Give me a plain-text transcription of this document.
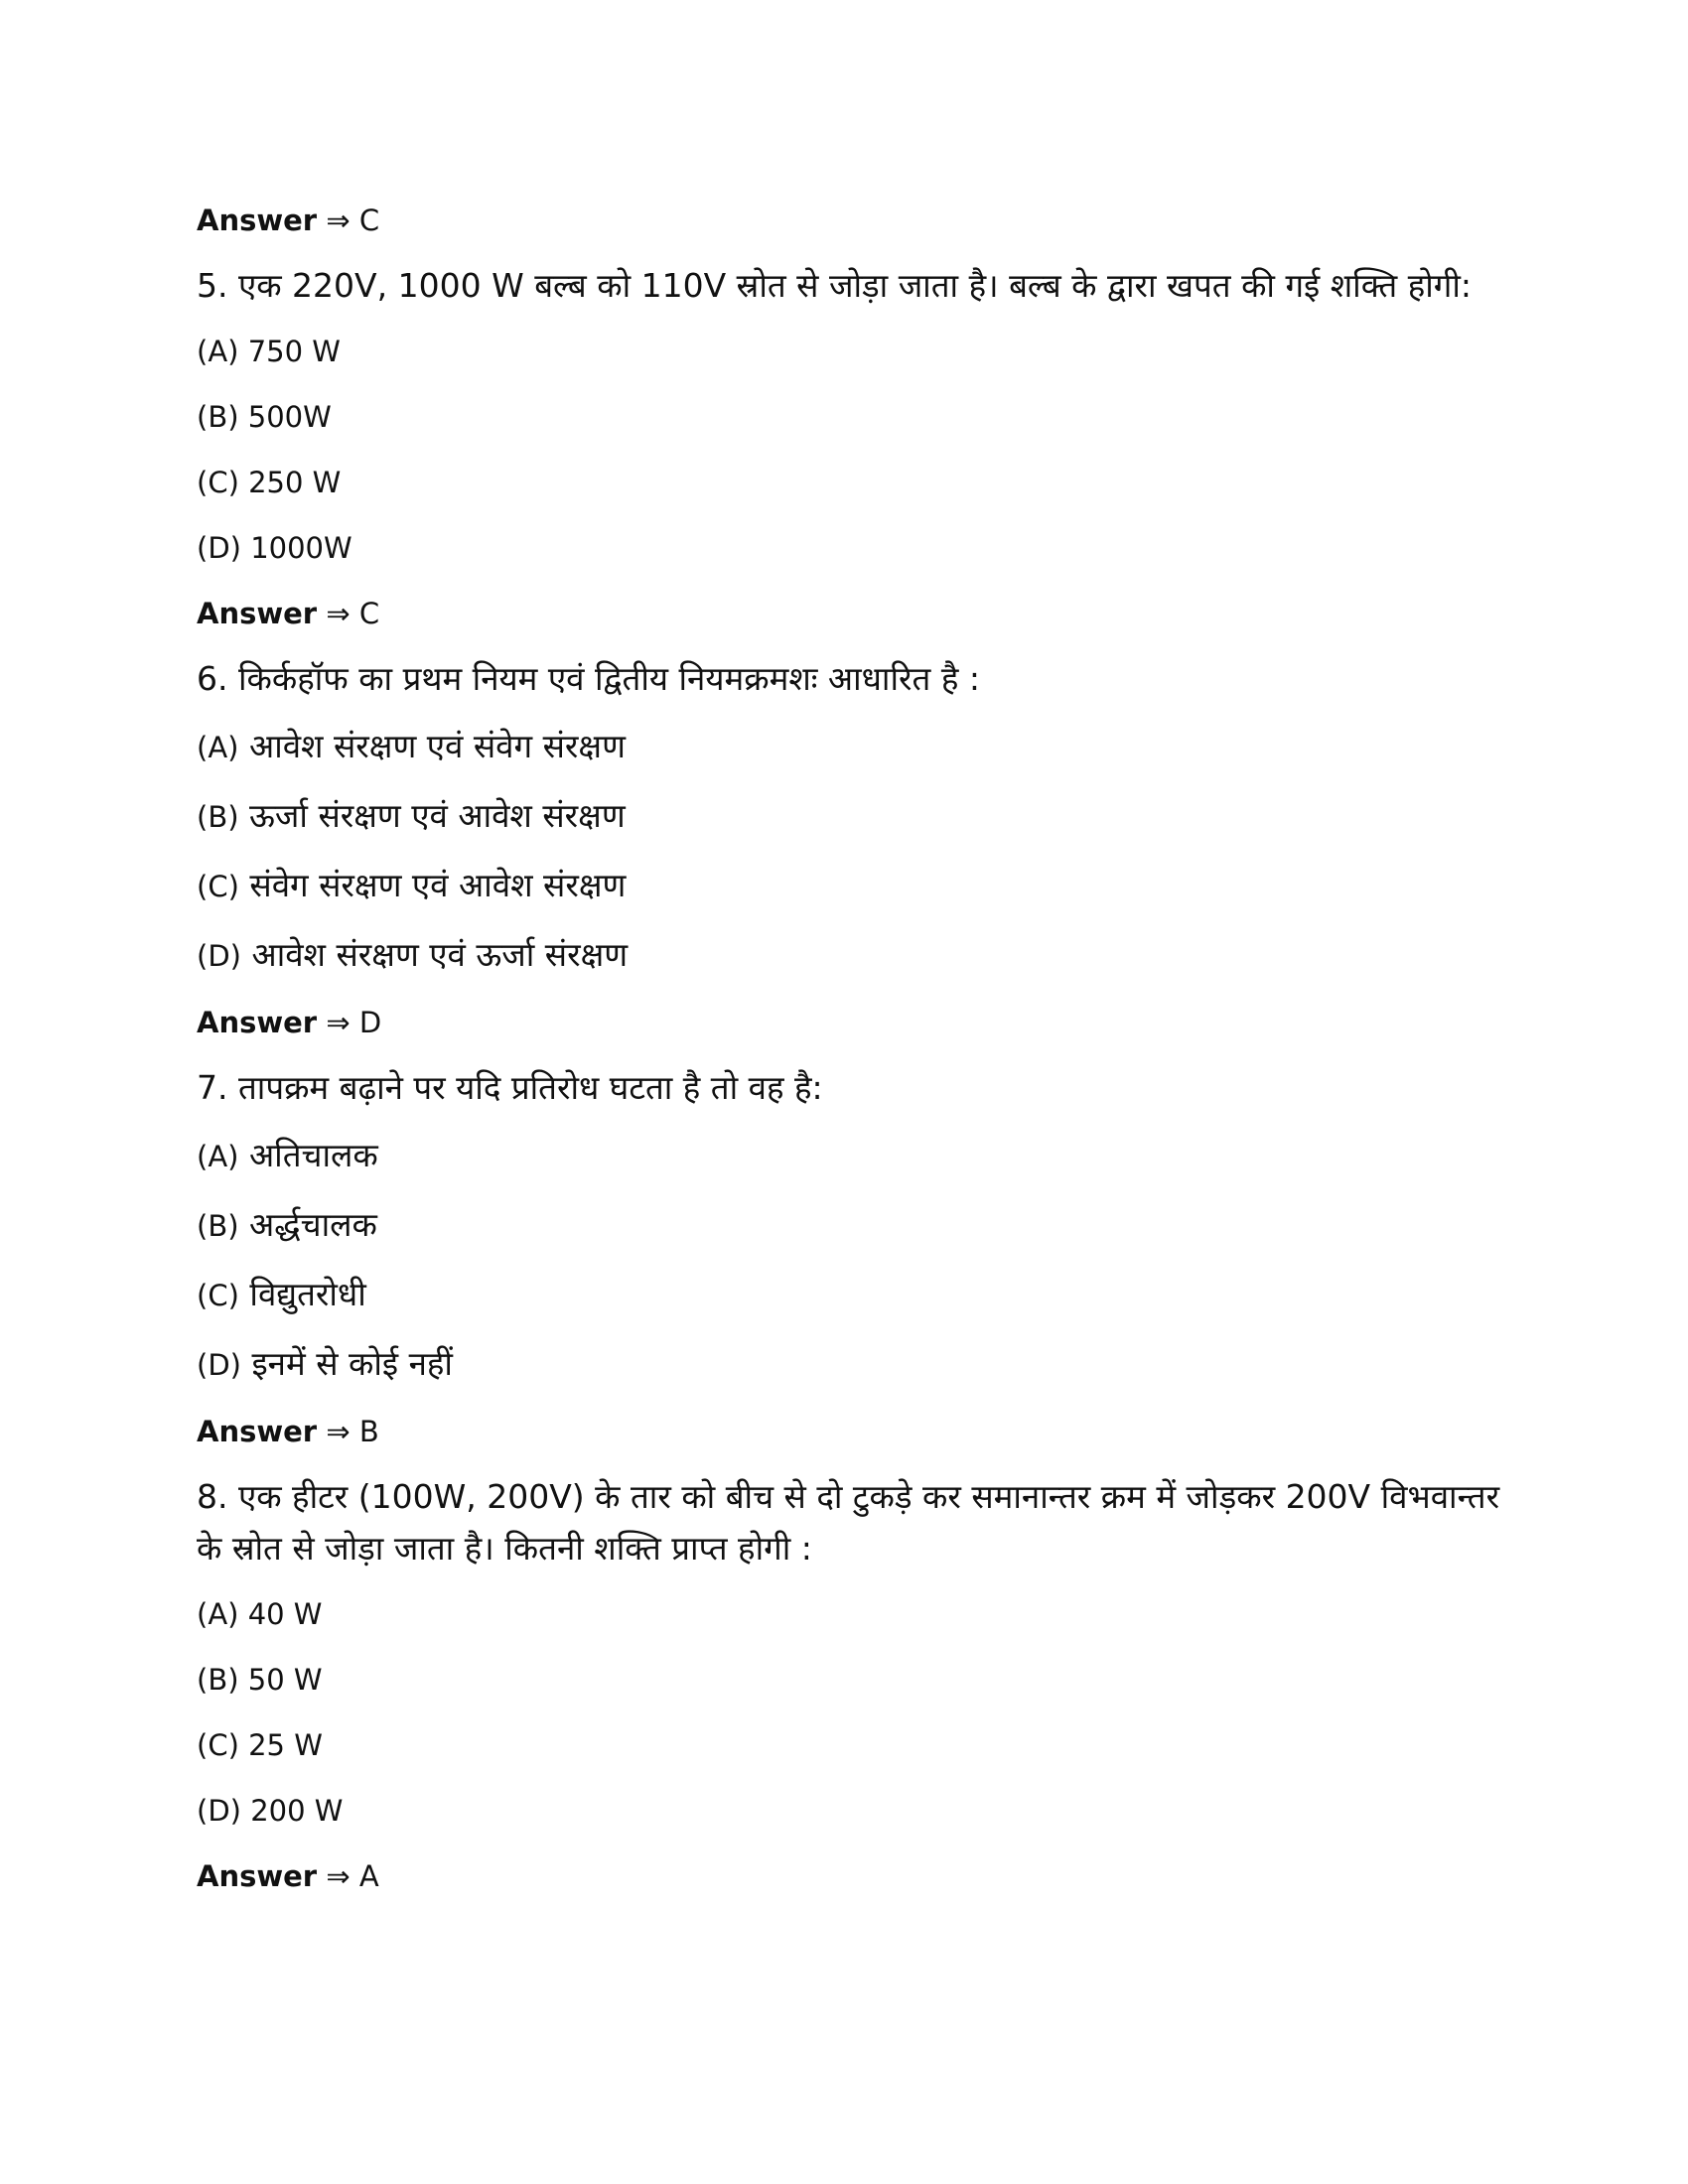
Answer ⇒ C
5. एक 220V, 1000 W बल्ब को 110V स्रोत से जोड़ा जाता है। बल्ब के द्वारा खपत की गई शक्ति होगी:
(A) 750 W
(B) 500W
(C) 250 W
(D) 1000W
Answer ⇒ C
6. किर्कहॉफ का प्रथम नियम एवं द्वितीय नियमक्रमशः आधारित है :
(A) आवेश संरक्षण एवं संवेग संरक्षण
(B) ऊर्जा संरक्षण एवं आवेश संरक्षण
(C) संवेग संरक्षण एवं आवेश संरक्षण
(D) आवेश संरक्षण एवं ऊर्जा संरक्षण
Answer ⇒ D
7. तापक्रम बढ़ाने पर यदि प्रतिरोध घटता है तो वह है:
(A) अतिचालक
(B) अर्द्धचालक
(C) विद्युतरोधी
(D) इनमें से कोई नहीं
Answer ⇒ B
8. एक हीटर (100W, 200V) के तार को बीच से दो टुकड़े कर समानान्तर क्रम में जोड़कर 200V विभवान्तर के स्रोत से जोड़ा जाता है। कितनी शक्ति प्राप्त होगी :
(A) 40 W
(B) 50 W
(C) 25 W
(D) 200 W
Answer ⇒ A
